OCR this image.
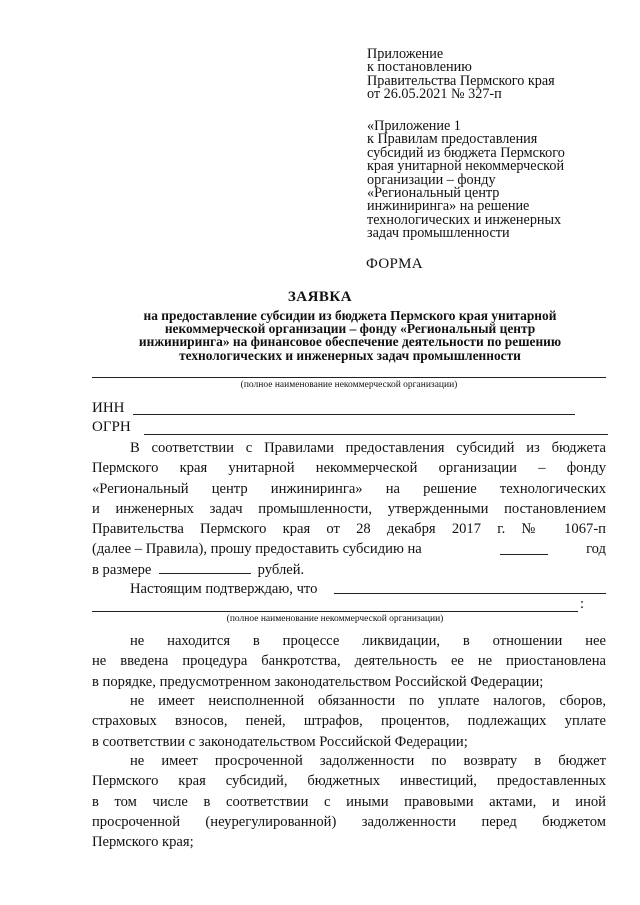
Приложение
к постановлению
Правительства Пермского края
от 26.05.2021 № 327-п
«Приложение 1
к Правилам предоставления
субсидий из бюджета Пермского
края унитарной некоммерческой
организации – фонду
«Региональный центр
инжиниринга» на решение
технологических и инженерных
задач промышленности
ФОРМА
ЗАЯВКА
на предоставление субсидии из бюджета Пермского края унитарной
некоммерческой организации – фонду «Региональный центр
инжиниринга» на финансовое обеспечение деятельности по решению
технологических и инженерных задач промышленности
(полное наименование некоммерческой организации)
ИНН
ОГРН
В соответствии с Правилами предоставления субсидий из бюджета
Пермского края унитарной некоммерческой организации – фонду
«Региональный центр инжиниринга» на решение технологических
и инженерных задач промышленности, утвержденными постановлением
Правительства Пермского края от 28 декабря 2017 г. № 1067-п
(далее – Правила), прошу предоставить субсидию на	год
в размере	рублей.
Настоящим подтверждаю, что
:
(полное наименование некоммерческой организации)
не находится в процессе ликвидации, в отношении нее
не введена процедура банкротства, деятельность ее не приостановлена
в порядке, предусмотренном законодательством Российской Федерации;
не имеет неисполненной обязанности по уплате налогов, сборов,
страховых взносов, пеней, штрафов, процентов, подлежащих уплате
в соответствии с законодательством Российской Федерации;
не имеет просроченной задолженности по возврату в бюджет
Пермского края субсидий, бюджетных инвестиций, предоставленных
в том числе в соответствии с иными правовыми актами, и иной
просроченной (неурегулированной) задолженности перед бюджетом
Пермского края;
